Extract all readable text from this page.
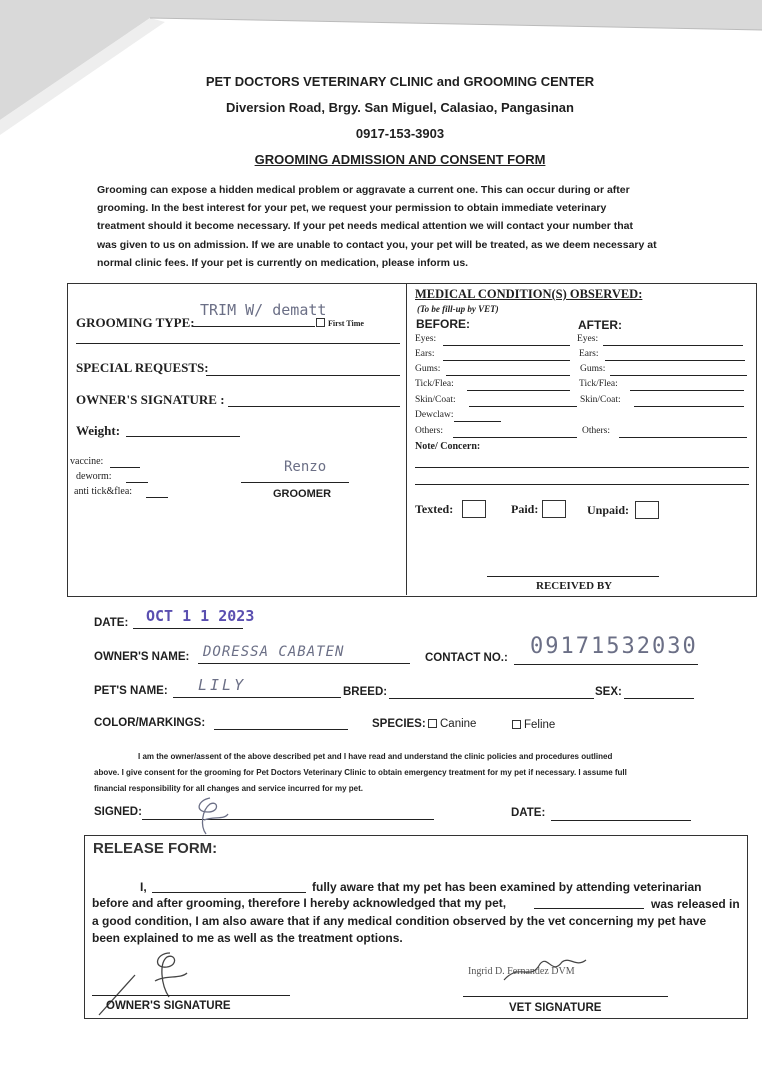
PET DOCTORS VETERINARY CLINIC and GROOMING CENTER
Diversion Road, Brgy. San Miguel, Calasiao, Pangasinan
0917-153-3903
GROOMING ADMISSION AND CONSENT FORM
Grooming can expose a hidden medical problem or aggravate a current one. This can occur during or after
grooming. In the best interest for your pet, we request your permission to obtain immediate veterinary
treatment should it become necessary. If your pet needs medical attention we will contact your number that
was given to us on admission. If we are unable to contact you, your pet will be treated, as we deem necessary at
normal clinic fees. If your pet is currently on medication, please inform us.
GROOMING TYPE:
TRIM W/ dematt
First Time
SPECIAL REQUESTS:
OWNER'S SIGNATURE :
Weight:
vaccine:
deworm:
anti tick&flea:
Renzo
GROOMER
MEDICAL CONDITION(S) OBSERVED:
(To be fill-up by VET)
BEFORE:	AFTER:
Eyes:	Eyes:
Ears:	Ears:
Gums:	Gums:
Tick/Flea:	Tick/Flea:
Skin/Coat:	Skin/Coat:
Dewclaw:
Others:	Others:
Note/ Concern:
Texted:	Paid:	Unpaid:
RECEIVED BY
DATE: OCT 1 1 2023
OWNER'S NAME: DORESSA CABATEN	CONTACT NO.: 09171532030
PET'S NAME: LILY	BREED:	SEX:
COLOR/MARKINGS:	SPECIES:	Canine	Feline
I am the owner/assent of the above described pet and I have read and understand the clinic policies and procedures outlined
above. I give consent for the grooming for Pet Doctors Veterinary Clinic to obtain emergency treatment for my pet if necessary. I assume full
financial responsibility for all changes and service incurred for my pet.
SIGNED:	DATE:
RELEASE FORM:
I,	fully aware that my pet has been examined by attending veterinarian
before and after grooming, therefore I hereby acknowledged that my pet,	was released in
a good condition, I am also aware that if any medical condition observed by the vet concerning my pet have
been explained to me as well as the treatment options.
OWNER'S SIGNATURE
Ingrid D. Fernandez DVM
VET SIGNATURE
